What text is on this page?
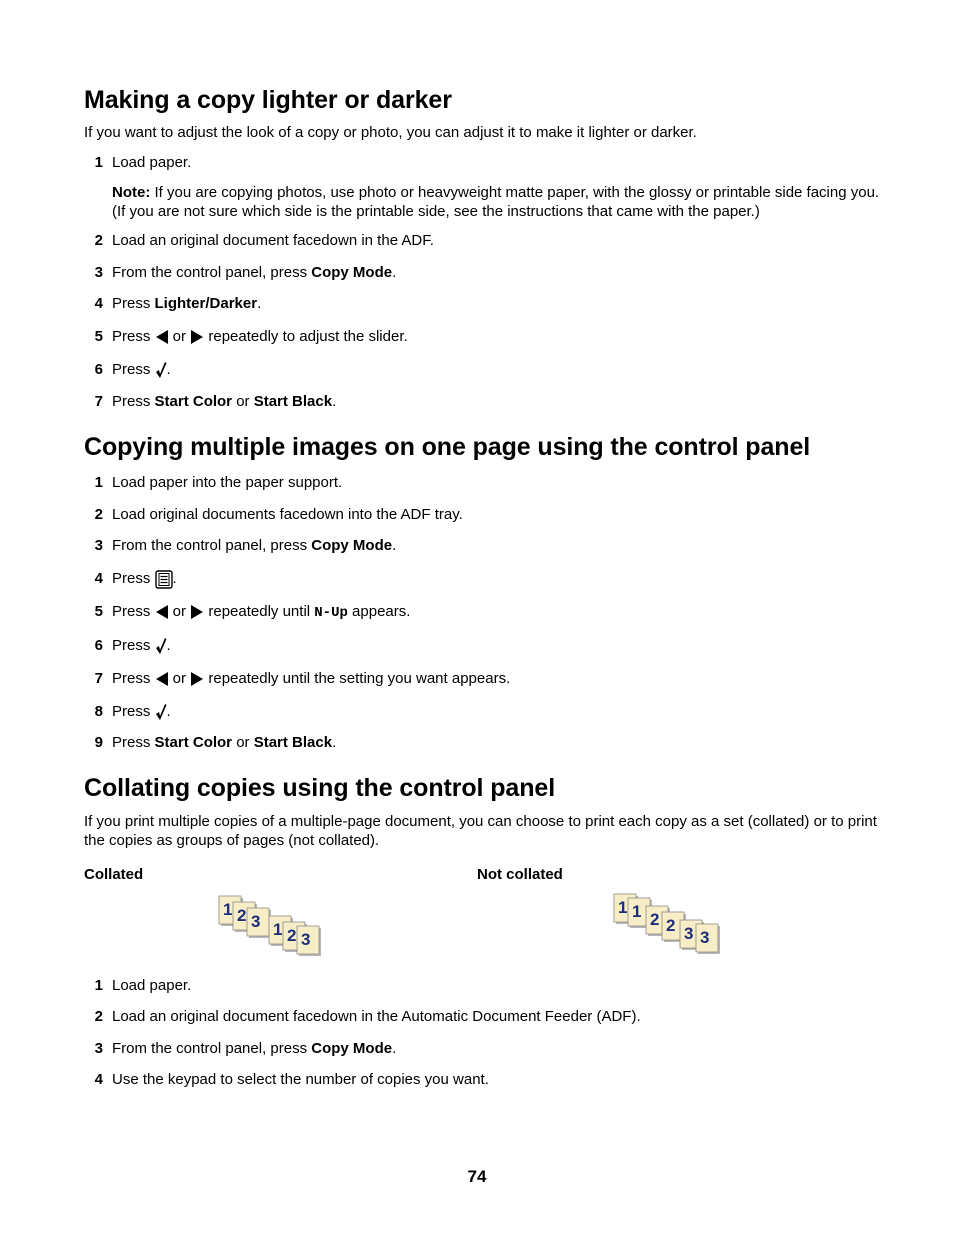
Making a copy lighter or darker

If you want to adjust the look of a copy or photo, you can adjust it to make it lighter or darker.

1 Load paper.

Note: If you are copying photos, use photo or heavyweight matte paper, with the glossy or printable side facing you. (If you are not sure which side is the printable side, see the instructions that came with the paper.)

2 Load an original document facedown in the ADF.
3 From the control panel, press Copy Mode.
4 Press Lighter/Darker.
5 Press  or  repeatedly to adjust the slider.
6 Press .
7 Press Start Color or Start Black.
Copying multiple images on one page using the control panel
1 Load paper into the paper support.
2 Load original documents facedown into the ADF tray.
3 From the control panel, press Copy Mode.
4 Press .
5 Press  or  repeatedly until N-Up appears.
6 Press .
7 Press  or  repeatedly until the setting you want appears.
8 Press .
9 Press Start Color or Start Black.
Collating copies using the control panel

If you print multiple copies of a multiple-page document, you can choose to print each copy as a set (collated) or to print the copies as groups of pages (not collated).

Collated	Not collated
1 2 3 1 2 3
1 1 2 2 3 3
1 Load paper.
2 Load an original document facedown in the Automatic Document Feeder (ADF).
3 From the control panel, press Copy Mode.
4 Use the keypad to select the number of copies you want.
74
